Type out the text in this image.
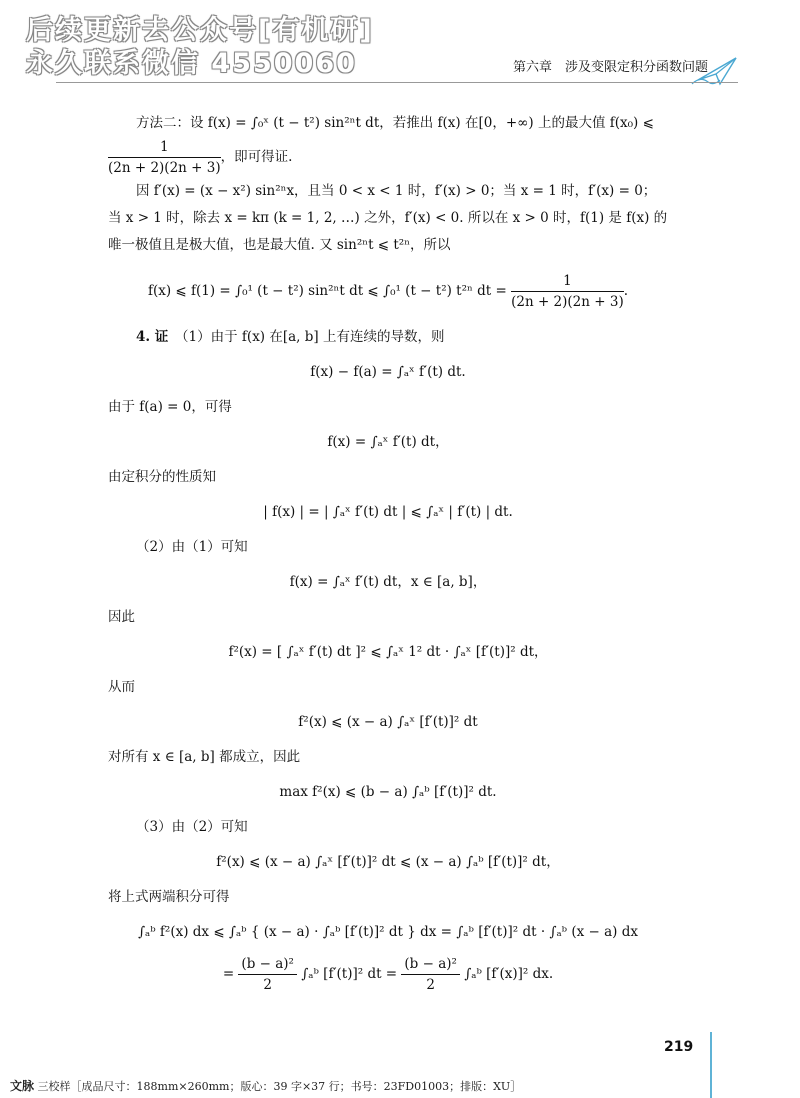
后续更新去公众号[有机研]
永久联系微信 4550060	第六章　涉及变限定积分函数问题

方法二：设 f(x) = ∫₀ˣ (t − t²) sin²ⁿt dt，若推出 f(x) 在[0，+∞) 上的最大值 f(x₀) ⩽

$\frac{1}{(2n + 2)(2n + 3)}$ ，即可得证.

因 f′(x) = (x − x²) sin²ⁿx，且当 0 < x < 1 时，f′(x) > 0；当 x = 1 时，f′(x) = 0；当 x > 1 时，除去 x = kπ (k = 1, 2, …) 之外，f′(x) < 0. 所以在 x > 0 时，f(1) 是 f(x) 的唯一极值且是极大值，也是最大值. 又 sin²ⁿt ⩽ t²ⁿ，所以

f(x) ⩽ f(1) = ∫₀¹ (t − t²) sin²ⁿt dt ⩽ ∫₀¹ (t − t²) t²ⁿ dt = $\frac{1}{(2n + 2)(2n + 3)}$ .

4. 证　 （1）由于 f(x) 在[a, b] 上有连续的导数，则

f(x) − f(a) = ∫ₐˣ f′(t) dt.

由于 f(a) = 0，可得

f(x) = ∫ₐˣ f′(t) dt，

由定积分的性质知

| f(x) | = | ∫ₐˣ f′(t) dt | ⩽ ∫ₐˣ | f′(t) | dt.

（2）由（1）可知

f(x) = ∫ₐˣ f′(t) dt，x ∈ [a, b]，

因此

f²(x) = [ ∫ₐˣ f′(t) dt ]² ⩽ ∫ₐˣ 1² dt · ∫ₐˣ [f′(t)]² dt，

从而

f²(x) ⩽ (x − a) ∫ₐˣ [f′(t)]² dt

对所有 x ∈ [a, b] 都成立，因此

max f²(x) ⩽ (b − a) ∫ₐᵇ [f′(t)]² dt.

（3）由（2）可知

f²(x) ⩽ (x − a) ∫ₐˣ [f′(t)]² dt ⩽ (x − a) ∫ₐᵇ [f′(t)]² dt，

将上式两端积分可得

∫ₐᵇ f²(x) dx ⩽ ∫ₐᵇ { (x − a) · ∫ₐᵇ [f′(t)]² dt } dx = ∫ₐᵇ [f′(t)]² dt · ∫ₐᵇ (x − a) dx
= $\frac{\text{(b − a)²}}{2}$ ∫ₐᵇ [f′(t)]² dt = $\frac{\text{(b − a)²}}{2}$ ∫ₐᵇ [f′(x)]² dx.
219
文脉 三校样［成品尺寸：188mm×260mm；版心：39 字×37 行；书号：23FD01003；排版：XU］
